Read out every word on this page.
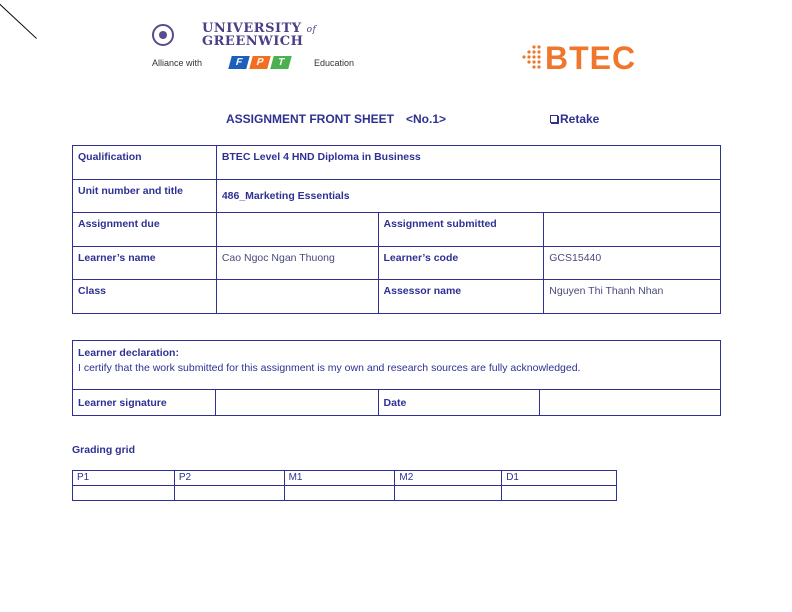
UNIVERSITY of
GREENWICH
Alliance with	F	P	T	Education	BTEC
ASSIGNMENT FRONT SHEET <No.1>	Retake
Qualification	BTEC Level 4 HND Diploma in Business		
Unit number and title	486_Marketing Essentials		
Assignment due		Assignment submitted	
Learner’s name	Cao Ngoc Ngan Thuong	Learner’s code	GCS15440
Class		Assessor name	Nguyen Thi Thanh Nhan
Learner declaration:
I certify that the work submitted for this assignment is my own and research sources are fully acknowledged.

Learner signature		Date	
Grading grid
P1	P2	M1	M2	D1
